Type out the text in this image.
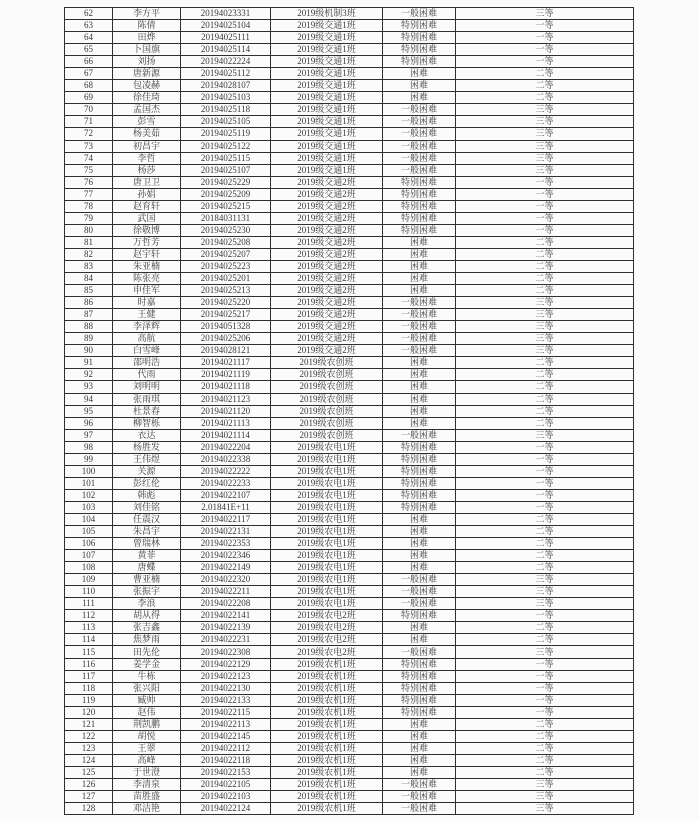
62	李方平	20194023331	2019级机制3班	一般困难	三等
63	陈倩	20194025104	2019级交通1班	特别困难	一等
64	田烨	20194025111	2019级交通1班	特别困难	一等
65	卜国旗	20194025114	2019级交通1班	特别困难	一等
66	刘扬	20194022224	2019级交通1班	特别困难	一等
67	唐新源	20194025112	2019级交通1班	困难	二等
68	包凌赫	20194028107	2019级交通1班	困难	二等
69	徐佳琦	20194025103	2019级交通1班	困难	二等
70	孟国杰	20194025118	2019级交通1班	一般困难	三等
71	彭雪	20194025105	2019级交通1班	一般困难	三等
72	杨美茹	20194025119	2019级交通1班	一般困难	三等
73	初昌宇	20194025122	2019级交通1班	一般困难	三等
74	李哲	20194025115	2019级交通1班	一般困难	三等
75	杨莎	20194025107	2019级交通1班	一般困难	三等
76	唐卫卫	20194025229	2019级交通2班	特别困难	一等
77	孙娟	20194025209	2019级交通2班	特别困难	一等
78	赵育轩	20194025215	2019级交通2班	特别困难	一等
79	武国	20184031131	2019级交通2班	特别困难	一等
80	徐敬博	20194025230	2019级交通2班	特别困难	一等
81	万哲芳	20194025208	2019级交通2班	困难	二等
82	赵宇轩	20194025207	2019级交通2班	困难	二等
83	朱亚楠	20194025223	2019级交通2班	困难	二等
84	陈张亮	20194025201	2019级交通2班	困难	二等
85	申佳军	20194025213	2019级交通2班	困难	二等
86	时嘉	20194025220	2019级交通2班	一般困难	三等
87	王健	20194025217	2019级交通2班	一般困难	三等
88	李泽辉	20194051328	2019级交通2班	一般困难	三等
89	高航	20194025206	2019级交通2班	一般困难	三等
90	白雪峰	20194028121	2019级交通2班	一般困难	三等
91	邵明浩	20194021117	2019级农创班	困难	二等
92	代雨	20194021119	2019级农创班	困难	二等
93	刘明明	20194021118	2019级农创班	困难	二等
94	张雨琪	20194021123	2019级农创班	困难	二等
95	杜景春	20194021120	2019级农创班	困难	二等
96	柳智栎	20194021113	2019级农创班	困难	二等
97	衣达	20194021114	2019级农创班	一般困难	三等
98	杨胜发	20194022204	2019级农电1班	特别困难	一等
99	王伟煜	20194022338	2019级农电1班	特别困难	一等
100	关源	20194022222	2019级农电1班	特别困难	一等
101	彭红伦	20194022233	2019级农电1班	特别困难	一等
102	韩彪	20194022107	2019级农电1班	特别困难	一等
103	刘佳铭	2.01841E+11	2019级农电1班	特别困难	一等
104	任震汉	20194022117	2019级农电1班	困难	二等
105	朱昌宇	20194022131	2019级农电1班	困难	二等
106	曾瑞林	20194022353	2019级农电1班	困难	二等
107	黄菲	20194022346	2019级农电1班	困难	二等
108	唐蝶	20194022149	2019级农电1班	困难	二等
109	曹亚楠	20194022320	2019级农电1班	一般困难	三等
110	张振宇	20194022211	2019级农电1班	一般困难	三等
111	李浪	20194022208	2019级农电1班	一般困难	三等
112	胡从得	20194022141	2019级农电2班	特别困难	一等
113	张吉鑫	20194022139	2019级农电2班	困难	二等
114	焦梦雨	20194022231	2019级农电2班	困难	二等
115	田先伦	20194022308	2019级农电2班	一般困难	三等
116	姜学金	20194022129	2019级农机1班	特别困难	一等
117	牛栋	20194022123	2019级农机1班	特别困难	一等
118	张兴阳	20194022130	2019级农机1班	特别困难	一等
119	臧帅	20194022133	2019级农机1班	特别困难	一等
120	赵伟	20194022115	2019级农机1班	特别困难	一等
121	荆凯鹏	20194022113	2019级农机1班	困难	二等
122	胡悦	20194022145	2019级农机1班	困难	二等
123	王翠	20194022112	2019级农机1班	困难	二等
124	高峰	20194022118	2019级农机1班	困难	二等
125	于世澄	20194022153	2019级农机1班	困难	二等
126	李清泉	20194022105	2019级农机1班	一般困难	三等
127	苗胜盛	20194022103	2019级农机1班	一般困难	三等
128	邓洁艳	20194022124	2019级农机1班	一般困难	三等
